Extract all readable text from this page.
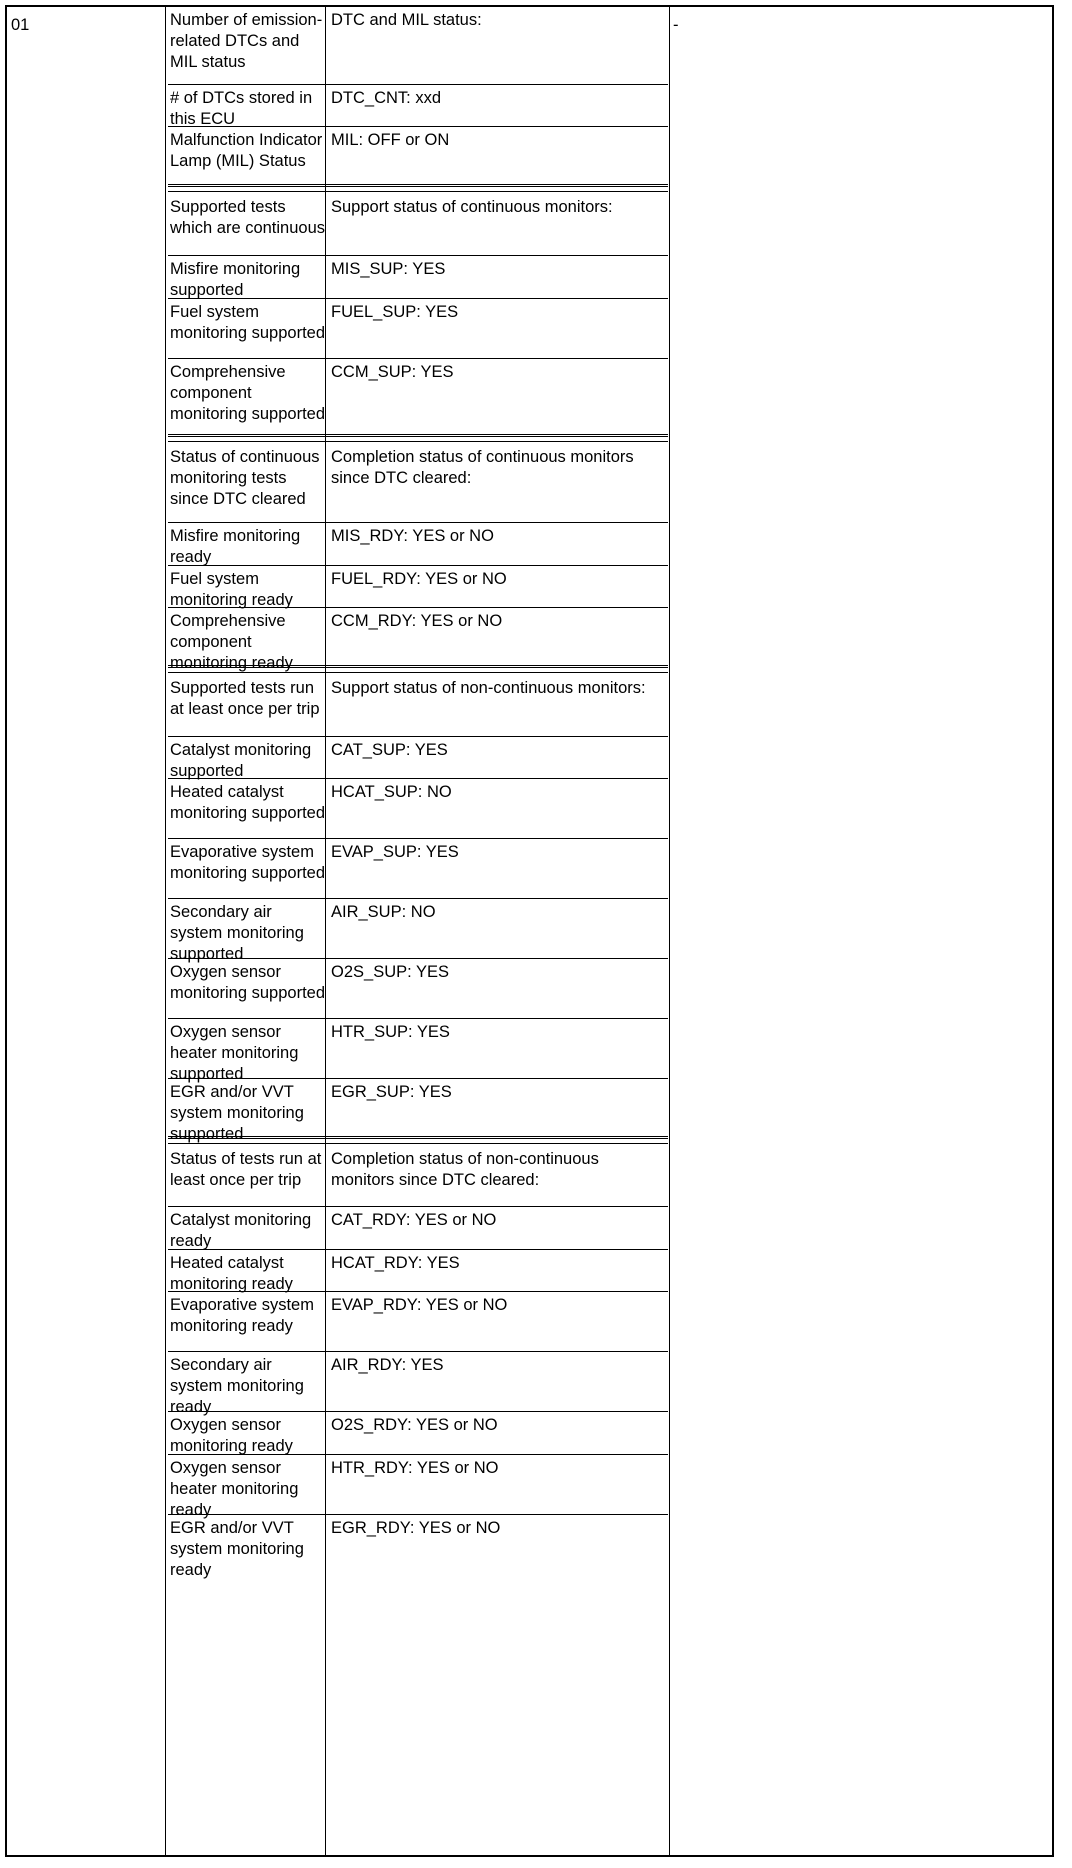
01	-
Number of emission-related DTCs and MIL status
DTC and MIL status:
# of DTCs stored in this ECU
DTC_CNT: xxd
Malfunction Indicator Lamp (MIL) Status
MIL: OFF or ON
Supported tests which are continuous
Support status of continuous monitors:
Misfire monitoring supported
MIS_SUP: YES
Fuel system monitoring supported
FUEL_SUP: YES
Comprehensive component monitoring supported
CCM_SUP: YES
Status of continuous monitoring tests since DTC cleared
Completion status of continuous monitors since DTC cleared:
Misfire monitoring ready
MIS_RDY: YES or NO
Fuel system monitoring ready
FUEL_RDY: YES or NO
Comprehensive component monitoring ready
CCM_RDY: YES or NO
Supported tests run at least once per trip
Support status of non-continuous monitors:
Catalyst monitoring supported
CAT_SUP: YES
Heated catalyst monitoring supported
HCAT_SUP: NO
Evaporative system monitoring supported
EVAP_SUP: YES
Secondary air system monitoring supported
AIR_SUP: NO
Oxygen sensor monitoring supported
O2S_SUP: YES
Oxygen sensor heater monitoring supported
HTR_SUP: YES
EGR and/or VVT system monitoring supported
EGR_SUP: YES
Status of tests run at least once per trip
Completion status of non-continuous monitors since DTC cleared:
Catalyst monitoring ready
CAT_RDY: YES or NO
Heated catalyst monitoring ready
HCAT_RDY: YES
Evaporative system monitoring ready
EVAP_RDY: YES or NO
Secondary air system monitoring ready
AIR_RDY: YES
Oxygen sensor monitoring ready
O2S_RDY: YES or NO
Oxygen sensor heater monitoring ready
HTR_RDY: YES or NO
EGR and/or VVT system monitoring ready
EGR_RDY: YES or NO
